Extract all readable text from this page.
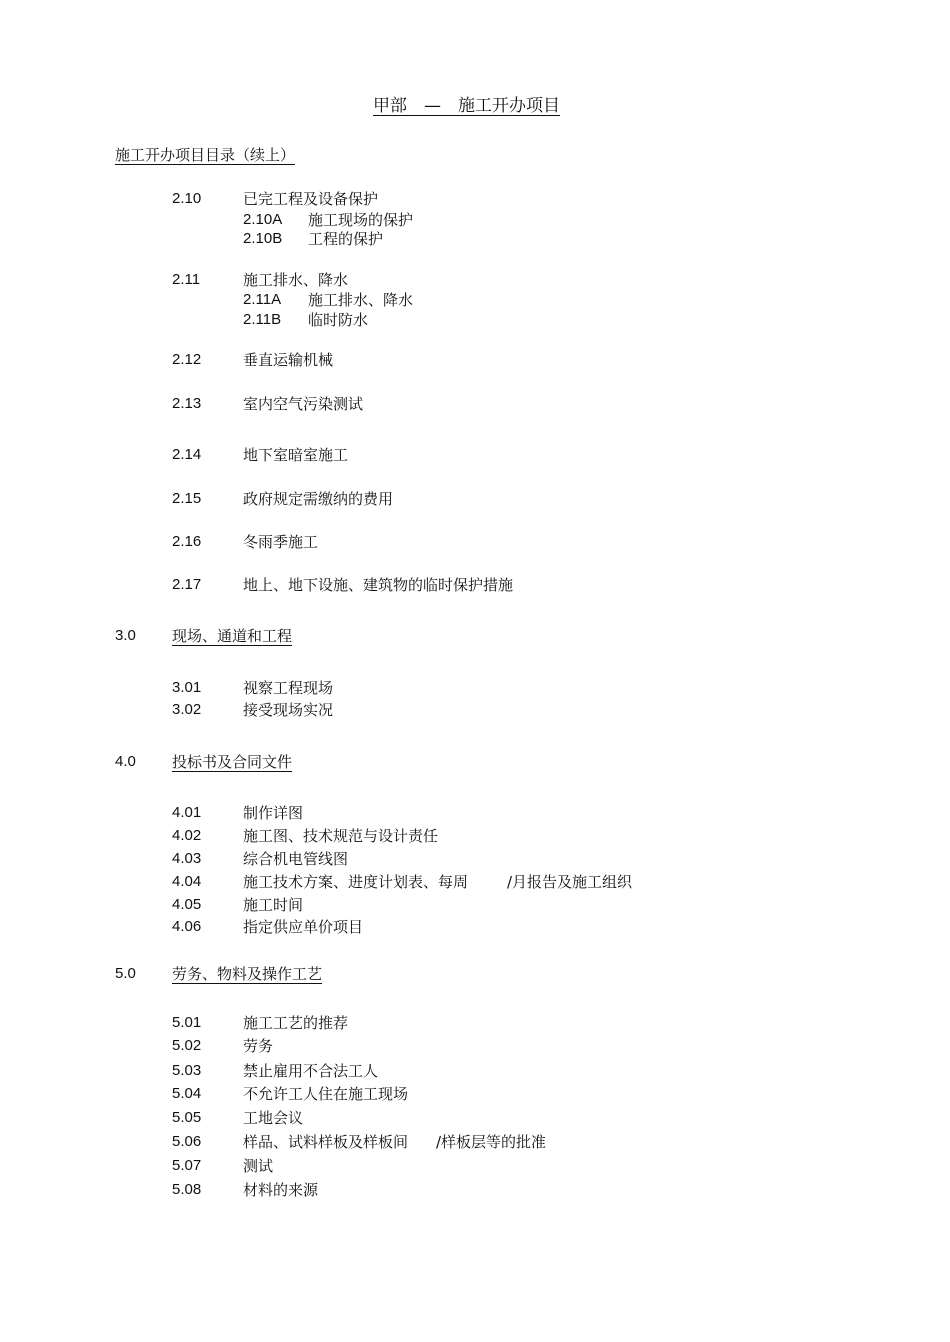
甲部　—　施工开办项目
施工开办项目目录（续上）
2.10	已完工程及设备保护
2.10A 施工现场的保护
2.10B 工程的保护
2.11	施工排水、降水
2.11A 施工排水、降水
2.11B 临时防水
2.12	垂直运输机械
2.13	室内空气污染测试
2.14	地下室暗室施工
2.15	政府规定需缴纳的费用
2.16	冬雨季施工
2.17	地上、地下设施、建筑物的临时保护措施
3.0 现场、通道和工程
3.01	视察工程现场
3.02	接受现场实况
4.0 投标书及合同文件
4.01	制作详图
4.02	施工图、技术规范与设计责任
4.03	综合机电管线图
4.04	施工技术方案、进度计划表、每周	/月报告及施工组织
4.05	施工时间
4.06	指定供应单价项目
5.0 劳务、物料及操作工艺
5.01	施工工艺的推荐
5.02	劳务
5.03	禁止雇用不合法工人
5.04	不允许工人住在施工现场
5.05	工地会议
5.06	样品、试料样板及样板间 /样板层等的批准
5.07	测试
5.08	材料的来源
